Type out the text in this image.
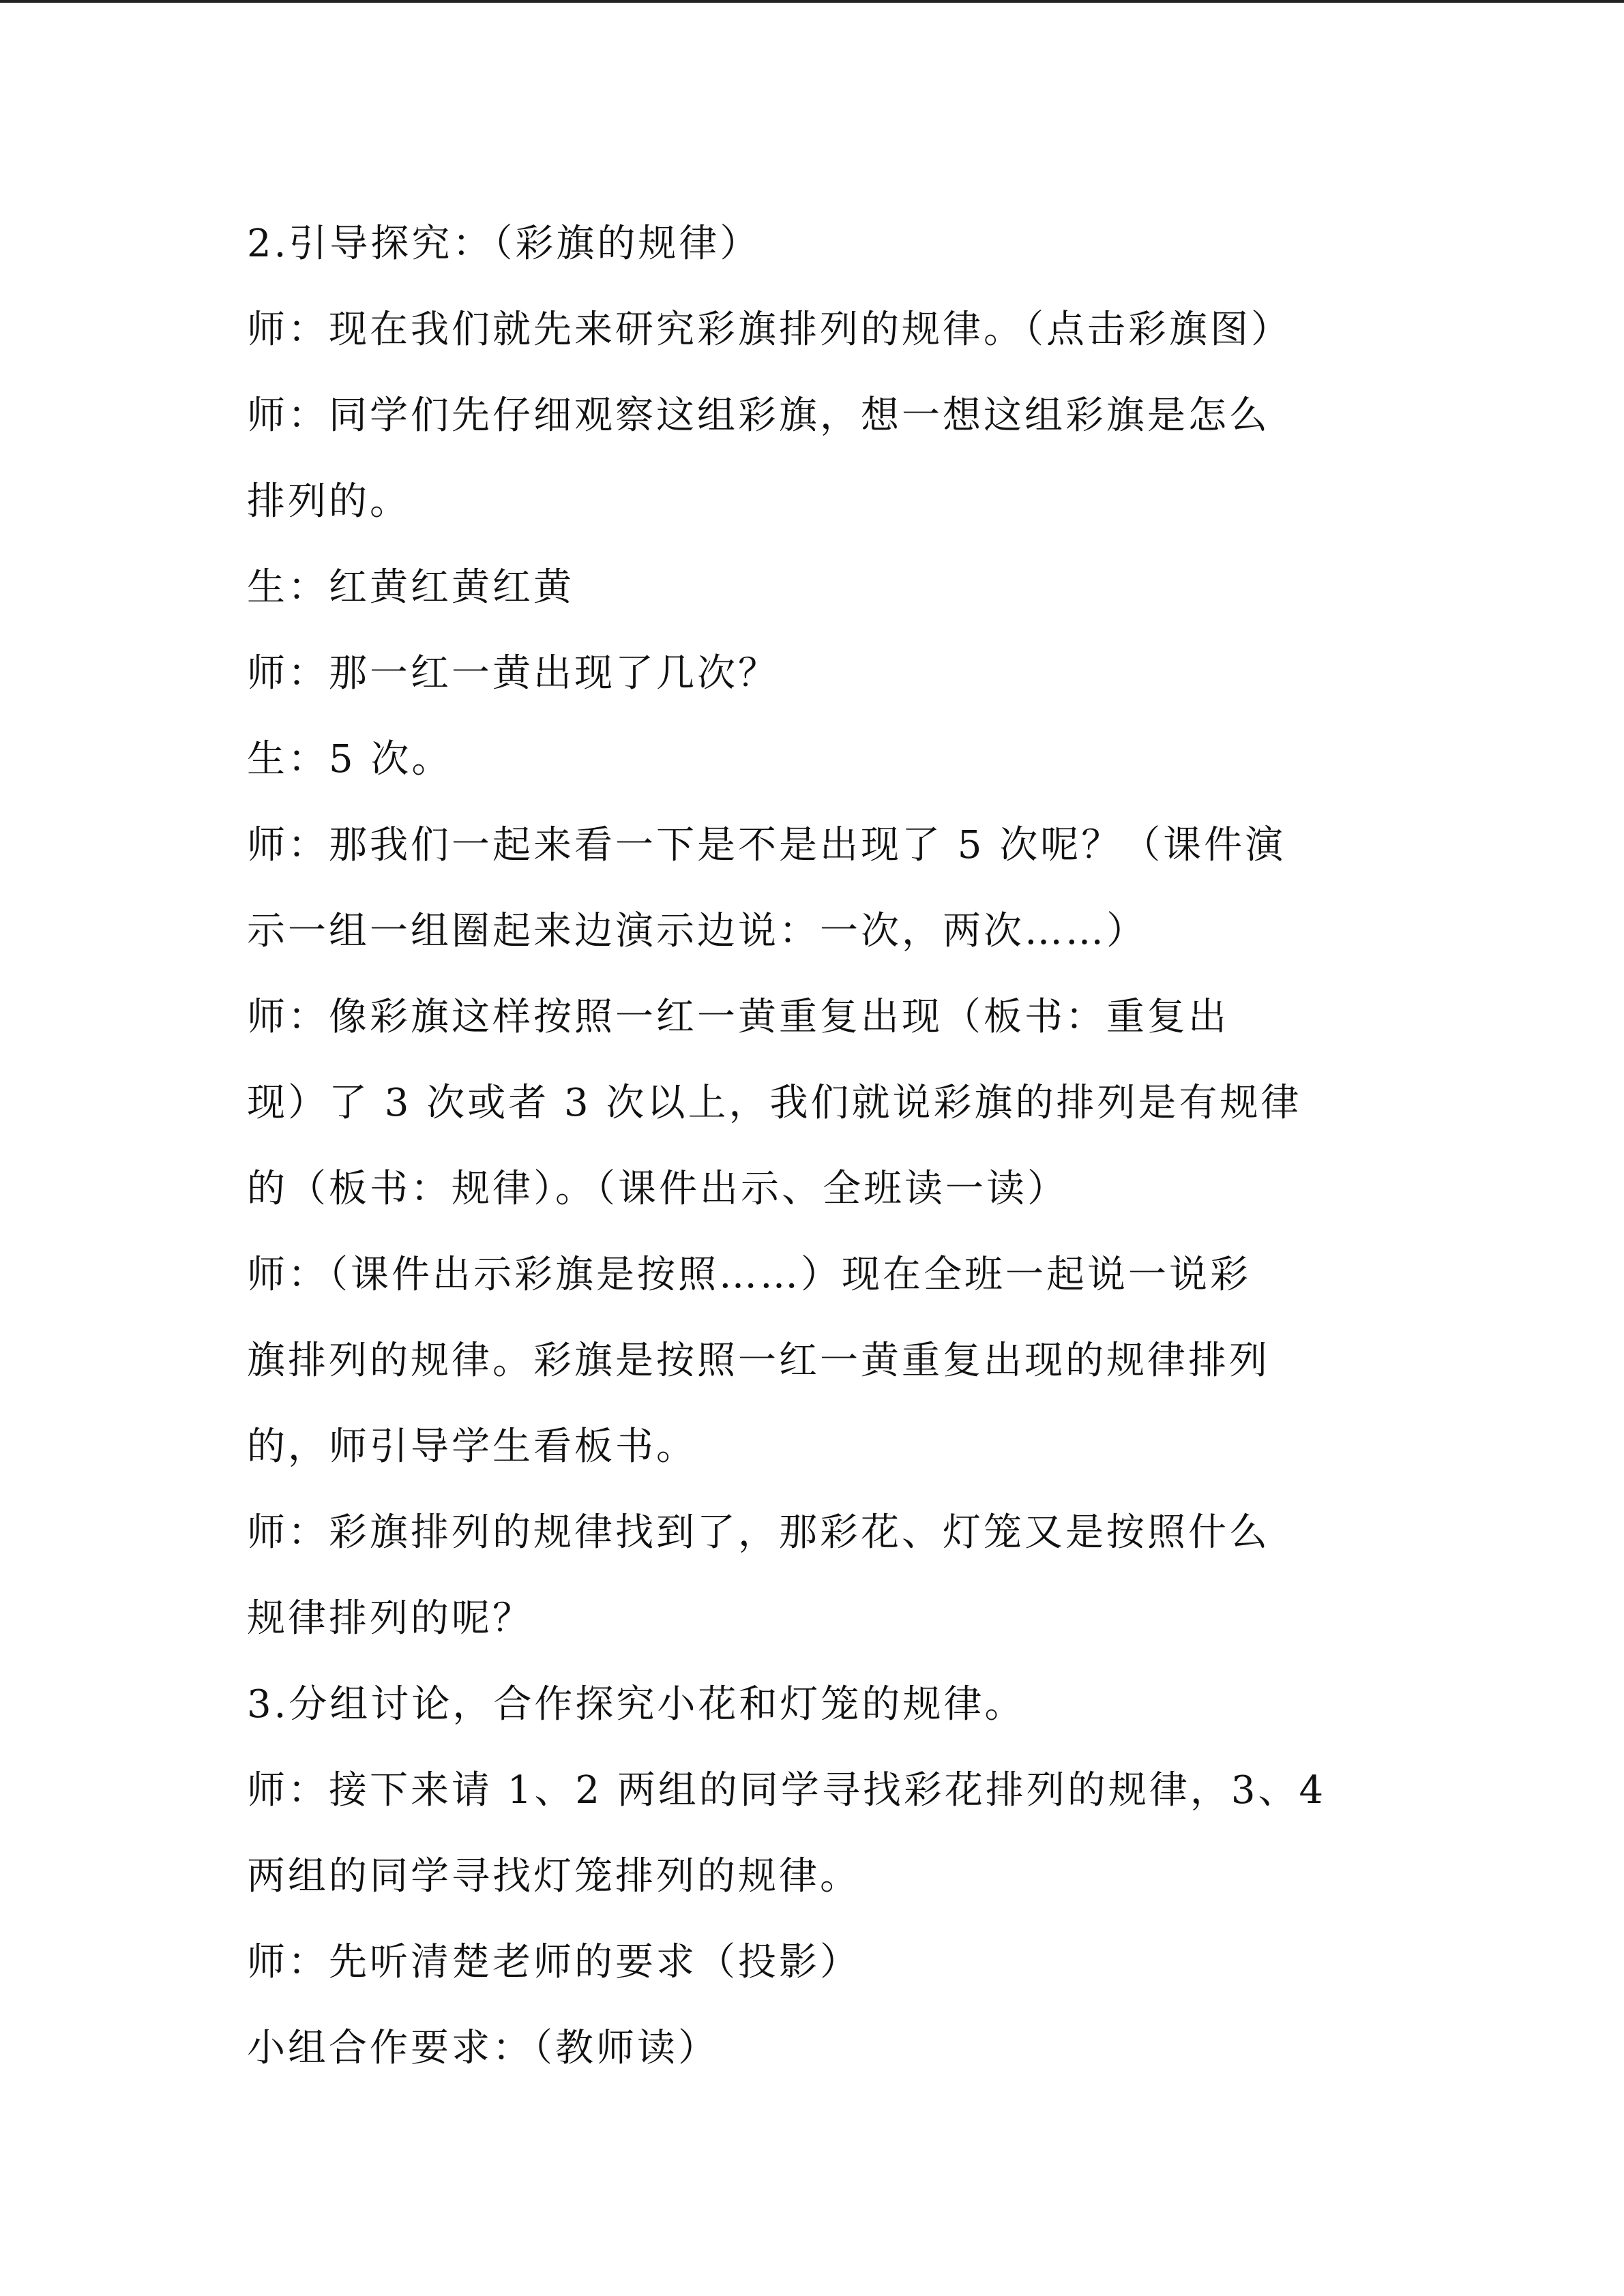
2.引导探究：（彩旗的规律）
师：现在我们就先来研究彩旗排列的规律。（点击彩旗图）
师：同学们先仔细观察这组彩旗，想一想这组彩旗是怎么
排列的。
生：红黄红黄红黄
师：那一红一黄出现了几次？
生：5 次。
师：那我们一起来看一下是不是出现了 5 次呢？（课件演
示一组一组圈起来边演示边说：一次，两次……）
师：像彩旗这样按照一红一黄重复出现（板书：重复出
现）了 3 次或者 3 次以上，我们就说彩旗的排列是有规律
的（板书：规律）。（课件出示、全班读一读）
师：（课件出示彩旗是按照……）现在全班一起说一说彩
旗排列的规律。彩旗是按照一红一黄重复出现的规律排列
的，师引导学生看板书。
师：彩旗排列的规律找到了，那彩花、灯笼又是按照什么
规律排列的呢？
3.分组讨论，合作探究小花和灯笼的规律。
师：接下来请 1、2 两组的同学寻找彩花排列的规律，3、4
两组的同学寻找灯笼排列的规律。
师：先听清楚老师的要求（投影）
小组合作要求：（教师读）
